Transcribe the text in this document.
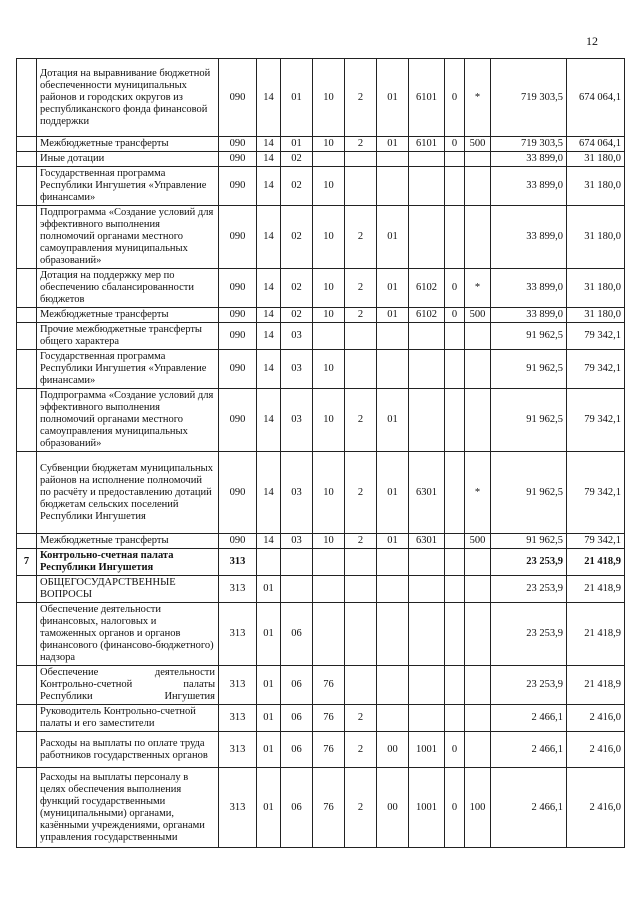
12
	Дотация на выравнивание бюджетной обеспеченности муниципальных районов и городских округов из республиканского фонда финансовой поддержки	090	14	01	10	2	01	6101	0	*	719 303,5	674 064,1
	Межбюджетные трансферты	090	14	01	10	2	01	6101	0	500	719 303,5	674 064,1
	Иные дотации	090	14	02							33 899,0	31 180,0
	Государственная программа Республики Ингушетия «Управление финансами»	090	14	02	10						33 899,0	31 180,0
	Подпрограмма «Создание условий для эффективного выполнения полномочий органами местного самоуправления муниципальных образований»	090	14	02	10	2	01				33 899,0	31 180,0
	Дотация на поддержку мер по обеспечению сбалансированности бюджетов	090	14	02	10	2	01	6102	0	*	33 899,0	31 180,0
	Межбюджетные трансферты	090	14	02	10	2	01	6102	0	500	33 899,0	31 180,0
	Прочие межбюджетные трансферты общего характера	090	14	03							91 962,5	79 342,1
	Государственная программа Республики Ингушетия «Управление финансами»	090	14	03	10						91 962,5	79 342,1
	Подпрограмма «Создание условий для эффективного выполнения полномочий органами местного самоуправления муниципальных образований»	090	14	03	10	2	01				91 962,5	79 342,1
	Субвенции бюджетам муниципальных районов на исполнение полномочий по расчёту и предоставлению дотаций бюджетам сельских поселений Республики Ингушетия	090	14	03	10	2	01	6301		*	91 962,5	79 342,1
	Межбюджетные трансферты	090	14	03	10	2	01	6301		500	91 962,5	79 342,1
7	Контрольно-счетная палата Республики Ингушетия	313									23 253,9	21 418,9
	ОБЩЕГОСУДАРСТВЕННЫЕ ВОПРОСЫ	313	01								23 253,9	21 418,9
	Обеспечение деятельности финансовых, налоговых и таможенных органов и органов финансового (финансово-бюджетного) надзора	313	01	06							23 253,9	21 418,9
	Обеспечение деятельности Контрольно-счетной палаты Республики Ингушетия	313	01	06	76						23 253,9	21 418,9
	Руководитель Контрольно-счетной палаты и его заместители	313	01	06	76	2					2 466,1	2 416,0
	Расходы на выплаты по оплате труда работников государственных органов	313	01	06	76	2	00	1001	0		2 466,1	2 416,0
	Расходы на выплаты персоналу в целях обеспечения выполнения функций государственными (муниципальными) органами, казёнными учреждениями, органами управления государственными	313	01	06	76	2	00	1001	0	100	2 466,1	2 416,0
